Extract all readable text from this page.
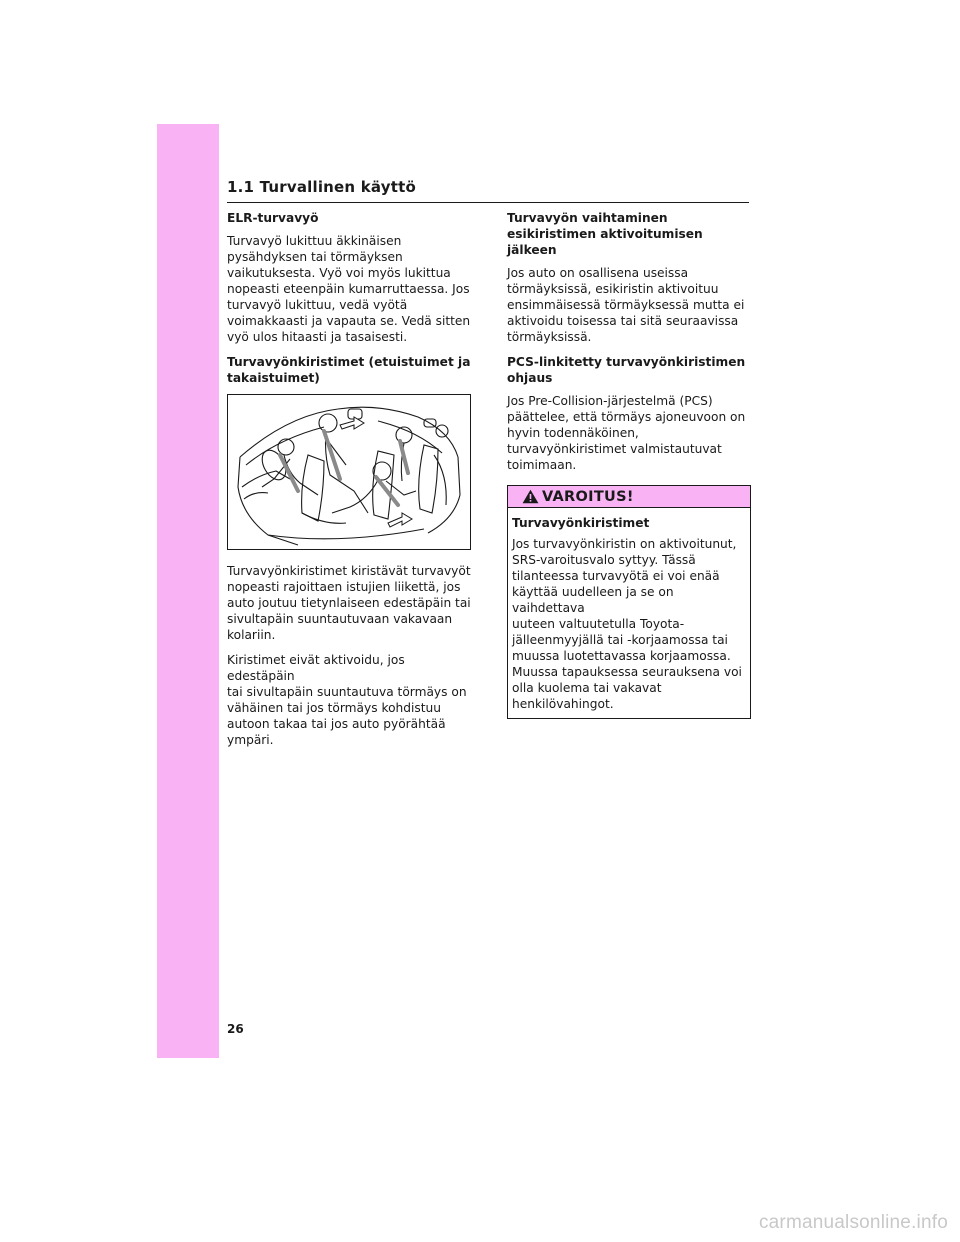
1.1 Turvallinen käyttö
ELR-turvavyö

Turvavyö lukittuu äkkinäisen
pysähdyksen tai törmäyksen
vaikutuksesta. Vyö voi myös lukittua
nopeasti eteenpäin kumarruttaessa. Jos
turvavyö lukittuu, vedä vyötä
voimakkaasti ja vapauta se. Vedä sitten
vyö ulos hitaasti ja tasaisesti.

Turvavyönkiristimet (etuistuimet ja takaistuimet)

Turvavyönkiristimet kiristävät turvavyöt
nopeasti rajoittaen istujien liikettä, jos
auto joutuu tietynlaiseen edestäpäin tai
sivultapäin suuntautuvaan vakavaan
kolariin.

Kiristimet eivät aktivoidu, jos edestäpäin
tai sivultapäin suuntautuva törmäys on
vähäinen tai jos törmäys kohdistuu
autoon takaa tai jos auto pyörähtää
ympäri.

Turvavyön vaihtaminen esikiristimen aktivoitumisen jälkeen

Jos auto on osallisena useissa
törmäyksissä, esikiristin aktivoituu
ensimmäisessä törmäyksessä mutta ei
aktivoidu toisessa tai sitä seuraavissa
törmäyksissä.

PCS-linkitetty turvavyönkiristimen ohjaus

Jos Pre-Collision-järjestelmä (PCS)
päättelee, että törmäys ajoneuvoon on
hyvin todennäköinen,
turvavyönkiristimet valmistautuvat
toimimaan.

VAROITUS!
Turvavyönkiristimet

Jos turvavyönkiristin on aktivoitunut,
SRS-varoitusvalo syttyy. Tässä
tilanteessa turvavyötä ei voi enää
käyttää uudelleen ja se on vaihdettava
uuteen valtuutetulla Toyota-
jälleenmyyjällä tai -korjaamossa tai
muussa luotettavassa korjaamossa.
Muussa tapauksessa seurauksena voi
olla kuolema tai vakavat
henkilövahingot.

26
carmanualsonline.info
